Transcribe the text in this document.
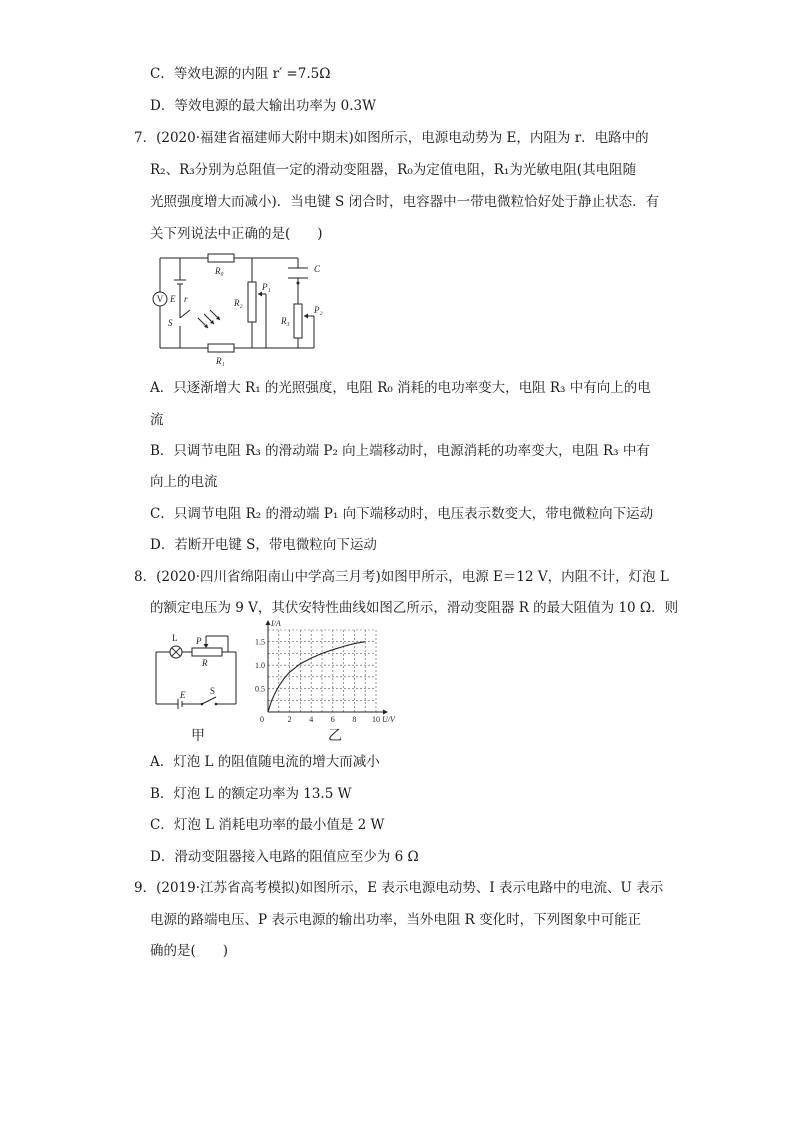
C．等效电源的内阻 r′ =7.5Ω
D．等效电源的最大输出功率为 0.3W
7．(2020·福建省福建师大附中期末)如图所示，电源电动势为 E，内阻为 r．电路中的
R₂、R₃分别为总阻值一定的滑动变阻器，R₀为定值电阻，R₁为光敏电阻(其电阻随
光照强度增大而减小)．当电键 S 闭合时，电容器中一带电微粒恰好处于静止状态．有
关下列说法中正确的是(　　)
V E r
S
R₀
R₁
R₂
P₁
C
R₃
P₂
A．只逐渐增大 R₁ 的光照强度，电阻 R₀ 消耗的电功率变大，电阻 R₃ 中有向上的电
流
B．只调节电阻 R₃ 的滑动端 P₂ 向上端移动时，电源消耗的功率变大，电阻 R₃ 中有
向上的电流
C．只调节电阻 R₂ 的滑动端 P₁ 向下端移动时，电压表示数变大，带电微粒向下运动
D．若断开电键 S，带电微粒向下运动
8．(2020·四川省绵阳南山中学高三月考)如图甲所示，电源 E＝12 V，内阻不计，灯泡 L
的额定电压为 9 V，其伏安特性曲线如图乙所示，滑动变阻器 R 的最大阻值为 10 Ω．则
L P
R
E	S
甲
I/A
U/V
0	2 4 6 8 10
0.5
1.0
1.5
乙
A．灯泡 L 的阻值随电流的增大而减小
B．灯泡 L 的额定功率为 13.5 W
C．灯泡 L 消耗电功率的最小值是 2 W
D．滑动变阻器接入电路的阻值应至少为 6 Ω
9．(2019·江苏省高考模拟)如图所示，E 表示电源电动势、I 表示电路中的电流、U 表示
电源的路端电压、P 表示电源的输出功率，当外电阻 R 变化时，下列图象中可能正
确的是(　　)
